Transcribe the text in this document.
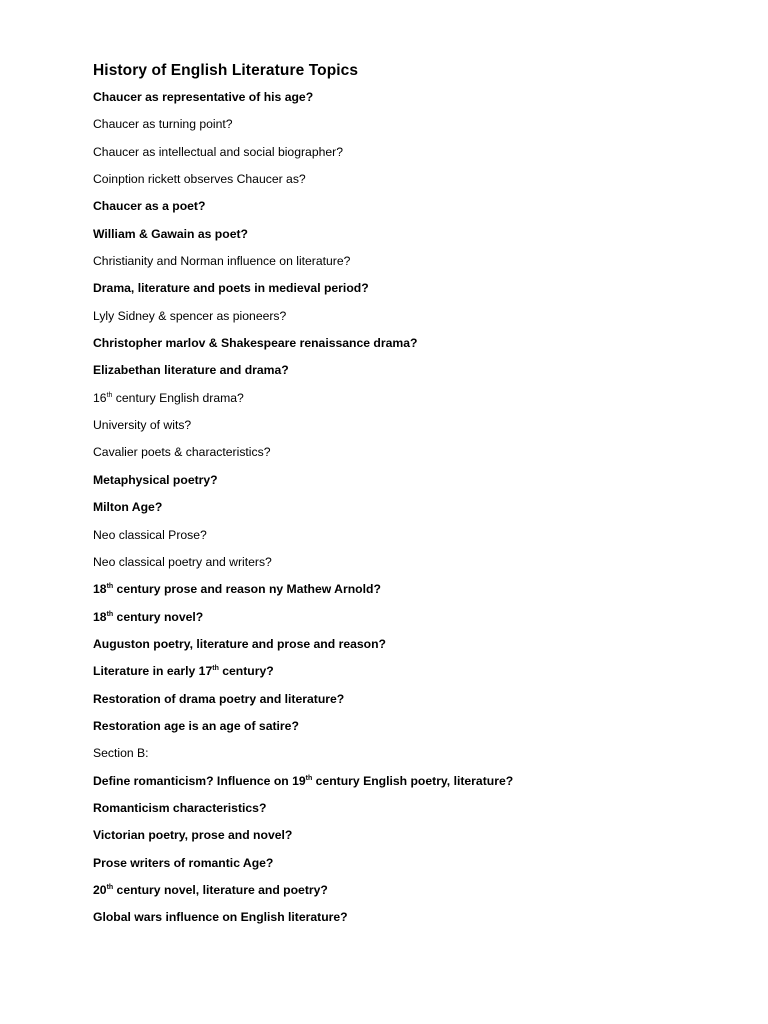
History of English Literature Topics
Chaucer as representative of his age?
Chaucer as turning point?
Chaucer as intellectual and social biographer?
Coinption rickett observes Chaucer as?
Chaucer as a poet?
William & Gawain as poet?
Christianity and Norman influence on literature?
Drama, literature and poets in medieval period?
Lyly Sidney & spencer as pioneers?
Christopher marlov & Shakespeare renaissance drama?
Elizabethan literature and drama?
16th century English drama?
University of wits?
Cavalier poets & characteristics?
Metaphysical poetry?
Milton Age?
Neo classical Prose?
Neo classical poetry and writers?
18th century prose and reason ny Mathew Arnold?
18th century novel?
Auguston poetry, literature and prose and reason?
Literature in early 17th century?
Restoration of drama poetry and literature?
Restoration age is an age of satire?
Section B:
Define romanticism? Influence on 19th century English poetry, literature?
Romanticism characteristics?
Victorian poetry, prose and novel?
Prose writers of romantic Age?
20th century novel, literature and poetry?
Global wars influence on English literature?
